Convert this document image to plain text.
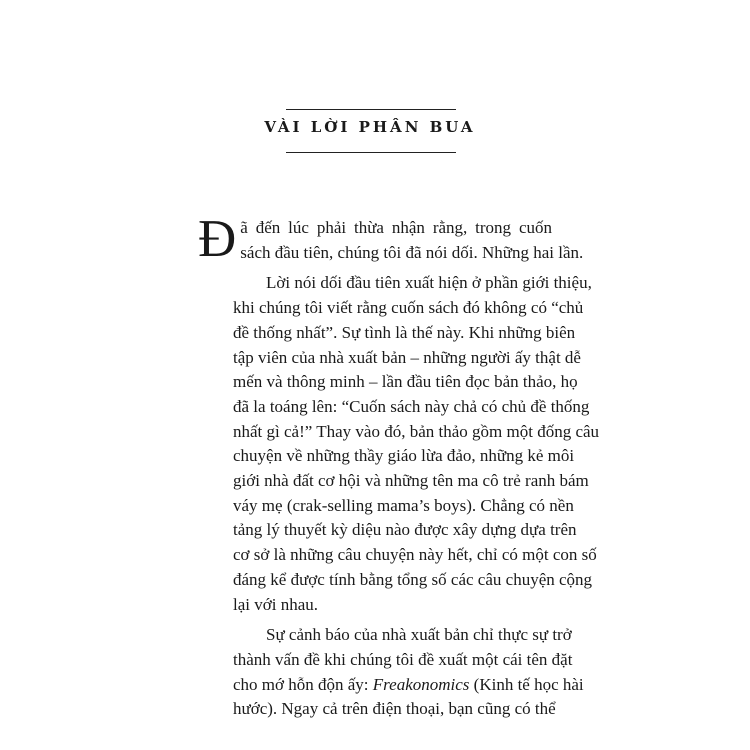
VÀI LỜI PHÂN BUA

Đ ã đến lúc phải thừa nhận rằng, trong cuốn
sách đầu tiên, chúng tôi đã nói dối. Những hai lần.

Lời nói dối đầu tiên xuất hiện ở phần giới thiệu,
khi chúng tôi viết rằng cuốn sách đó không có “chủ
đề thống nhất”. Sự tình là thế này. Khi những biên
tập viên của nhà xuất bản – những người ấy thật dễ
mến và thông minh – lần đầu tiên đọc bản thảo, họ
đã la toáng lên: “Cuốn sách này chả có chủ đề thống
nhất gì cả!” Thay vào đó, bản thảo gồm một đống câu
chuyện về những thầy giáo lừa đảo, những kẻ môi
giới nhà đất cơ hội và những tên ma cô trẻ ranh bám
váy mẹ (crak-selling mama’s boys). Chẳng có nền
tảng lý thuyết kỳ diệu nào được xây dựng dựa trên
cơ sở là những câu chuyện này hết, chỉ có một con số
đáng kể được tính bằng tổng số các câu chuyện cộng
lại với nhau.

Sự cảnh báo của nhà xuất bản chỉ thực sự trở
thành vấn đề khi chúng tôi đề xuất một cái tên đặt
cho mớ hỗn độn ấy: Freakonomics (Kinh tế học hài
hước). Ngay cả trên điện thoại, bạn cũng có thể
